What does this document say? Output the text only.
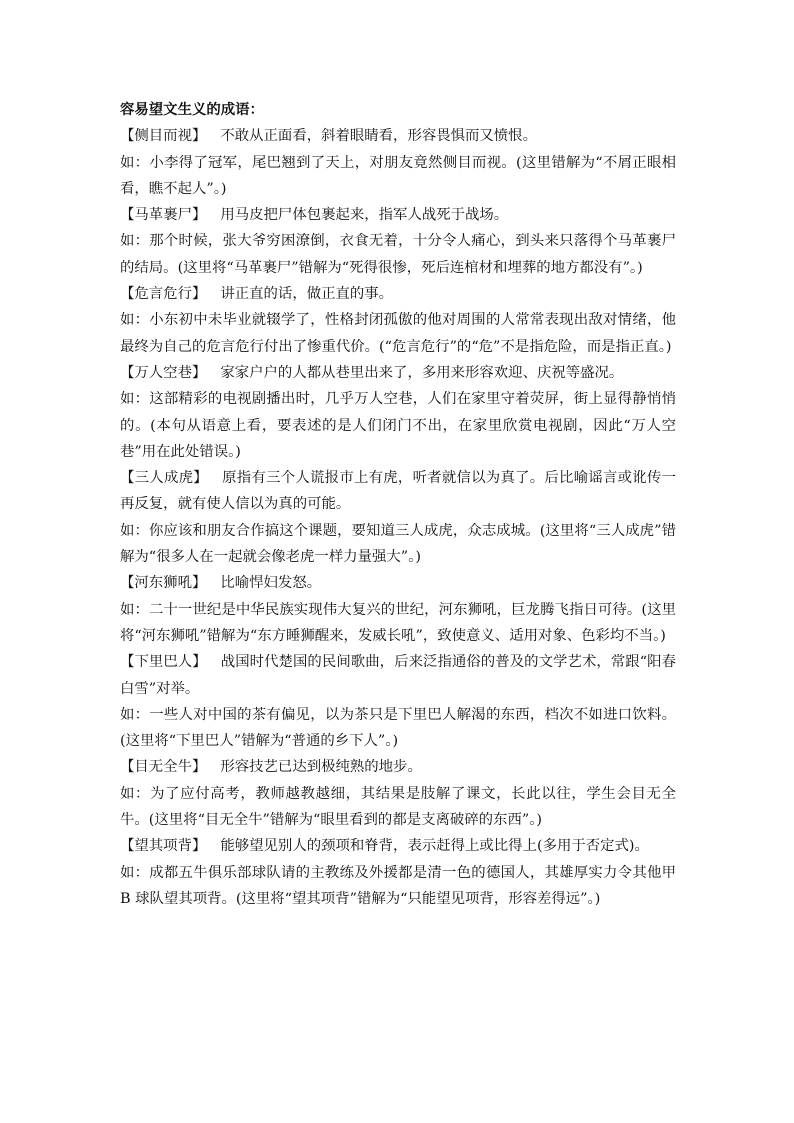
容易望文生义的成语：

【侧目而视】 不敢从正面看，斜着眼睛看，形容畏惧而又愤恨。

如：小李得了冠军，尾巴翘到了天上，对朋友竟然侧目而视。(这里错解为“不屑正眼相看，瞧不起人”。)

【马革裹尸】 用马皮把尸体包裹起来，指军人战死于战场。

如：那个时候，张大爷穷困潦倒，衣食无着，十分令人痛心，到头来只落得个马革裹尸的结局。(这里将“马革裹尸”错解为“死得很惨，死后连棺材和埋葬的地方都没有”。)

【危言危行】 讲正直的话，做正直的事。

如：小东初中未毕业就辍学了，性格封闭孤傲的他对周围的人常常表现出敌对情绪，他最终为自己的危言危行付出了惨重代价。(“危言危行”的“危”不是指危险，而是指正直。)

【万人空巷】 家家户户的人都从巷里出来了，多用来形容欢迎、庆祝等盛况。

如：这部精彩的电视剧播出时，几乎万人空巷，人们在家里守着荧屏，街上显得静悄悄的。(本句从语意上看，要表述的是人们闭门不出，在家里欣赏电视剧，因此“万人空巷”用在此处错误。)

【三人成虎】 原指有三个人谎报市上有虎，听者就信以为真了。后比喻谣言或讹传一再反复，就有使人信以为真的可能。

如：你应该和朋友合作搞这个课题，要知道三人成虎，众志成城。(这里将“三人成虎”错解为“很多人在一起就会像老虎一样力量强大”。)

【河东狮吼】 比喻悍妇发怒。

如：二十一世纪是中华民族实现伟大复兴的世纪，河东狮吼，巨龙腾飞指日可待。(这里将“河东狮吼”错解为“东方睡狮醒来，发威长吼”，致使意义、适用对象、色彩均不当。)

【下里巴人】 战国时代楚国的民间歌曲，后来泛指通俗的普及的文学艺术，常跟“阳春白雪”对举。

如：一些人对中国的茶有偏见，以为茶只是下里巴人解渴的东西，档次不如进口饮料。(这里将“下里巴人”错解为“普通的乡下人”。)

【目无全牛】 形容技艺已达到极纯熟的地步。

如：为了应付高考，教师越教越细，其结果是肢解了课文，长此以往，学生会目无全牛。(这里将“目无全牛”错解为“眼里看到的都是支离破碎的东西”。)

【望其项背】 能够望见别人的颈项和脊背，表示赶得上或比得上(多用于否定式)。

如：成都五牛俱乐部球队请的主教练及外援都是清一色的德国人，其雄厚实力令其他甲 B 球队望其项背。(这里将“望其项背”错解为“只能望见项背，形容差得远”。)
